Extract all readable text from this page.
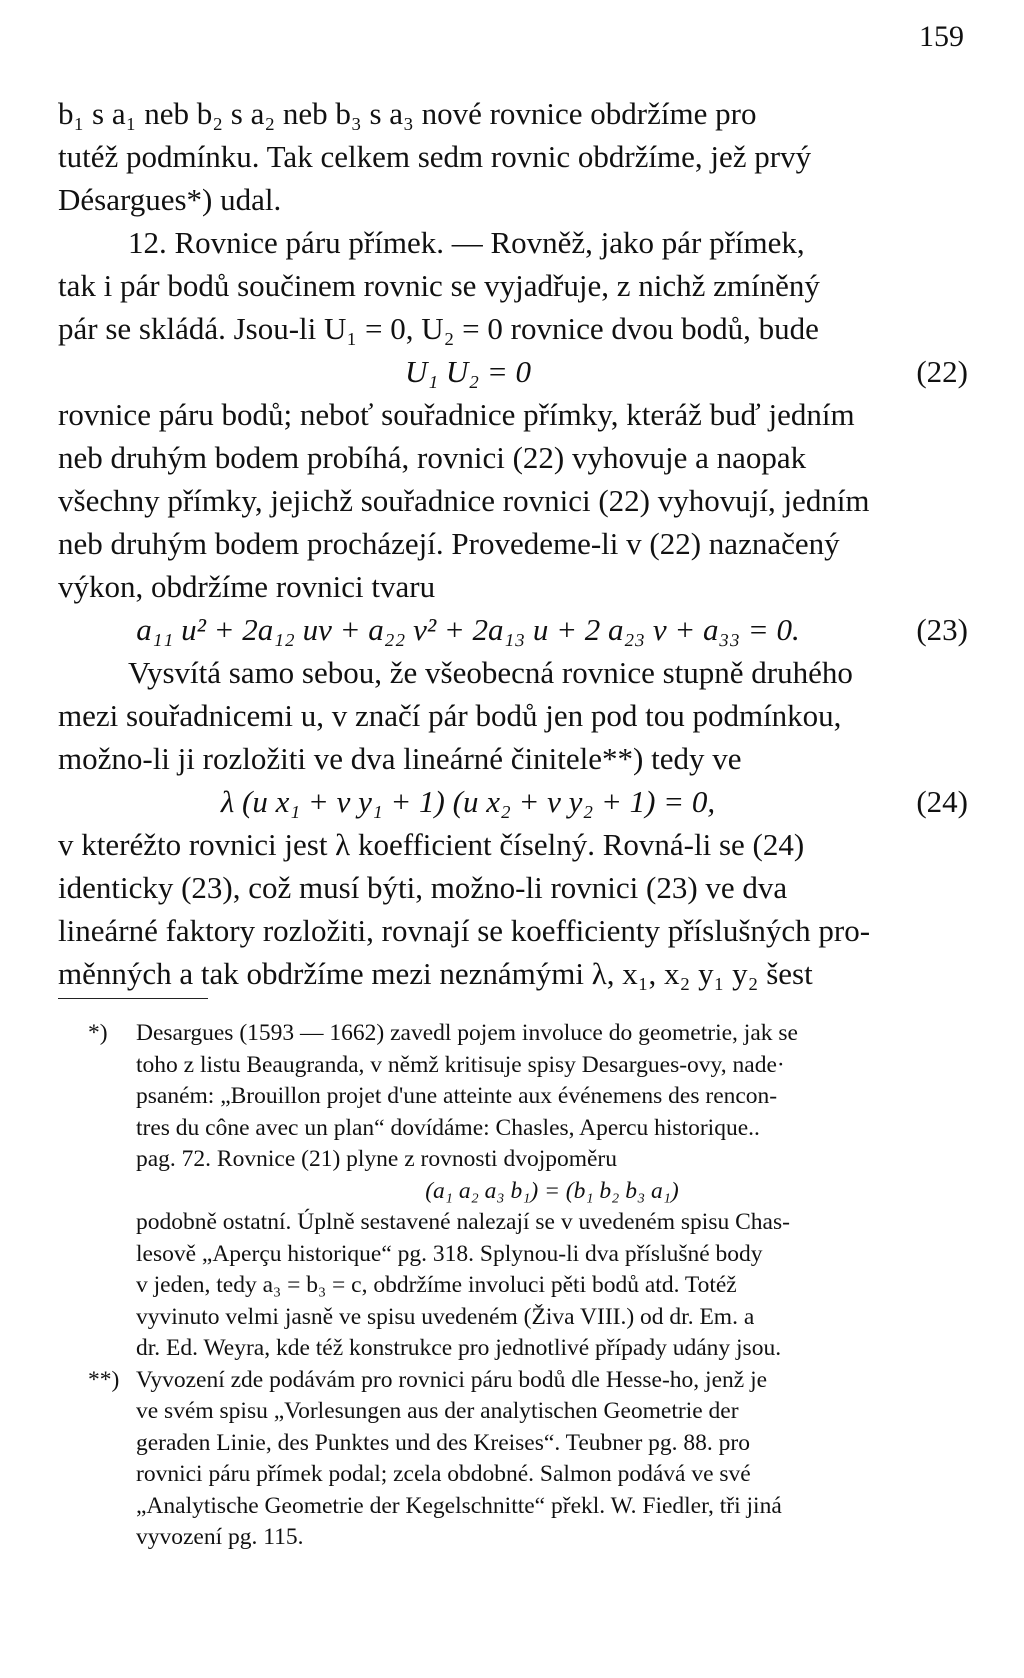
159
b₁ s a₁ neb b₂ s a₂ neb b₃ s a₃ nové rovnice obdržíme pro
tutéž podmínku. Tak celkem sedm rovnic obdržíme, jež prvý
Désargues*) udal.
12. Rovnice páru přímek. — Rovněž, jako pár přímek,
tak i pár bodů součinem rovnic se vyjadřuje, z nichž zmíněný
pár se skládá. Jsou-li U₁ = 0, U₂ = 0 rovnice dvou bodů, bude
U₁ U₂ = 0	(22)
rovnice páru bodů; neboť souřadnice přímky, kteráž buď jedním
neb druhým bodem probíhá, rovnici (22) vyhovuje a naopak
všechny přímky, jejichž souřadnice rovnici (22) vyhovují, jedním
neb druhým bodem procházejí. Provedeme-li v (22) naznačený
výkon, obdržíme rovnici tvaru
a₁₁ u² + 2a₁₂ uv + a₂₂ v² + 2a₁₃ u + 2 a₂₃ v + a₃₃ = 0.	(23)
Vysvítá samo sebou, že všeobecná rovnice stupně druhého
mezi souřadnicemi u, v značí pár bodů jen pod tou podmínkou,
možno-li ji rozložiti ve dva lineárné činitele**) tedy ve
λ (u x₁ + v y₁ + 1) (u x₂ + v y₂ + 1) = 0,	(24)
v kteréžto rovnici jest λ koefficient číselný. Rovná-li se (24)
identicky (23), což musí býti, možno-li rovnici (23) ve dva
lineárné faktory rozložiti, rovnají se koefficienty příslušných pro-
měnných a tak obdržíme mezi neznámými λ, x₁, x₂ y₁ y₂ šest
*) Desargues (1593 — 1662) zavedl pojem involuce do geometrie, jak se
toho z listu Beaugranda, v němž kritisuje spisy Desargues-ovy, nade·
psaném: „Brouillon projet d'une atteinte aux événemens des rencon-
tres du cône avec un plan“ dovídáme: Chasles, Apercu historique..
pag. 72. Rovnice (21) plyne z rovnosti dvojpoměru
(a₁ a₂ a₃ b₁) = (b₁ b₂ b₃ a₁)
podobně ostatní. Úplně sestavené nalezají se v uvedeném spisu Chas-
lesově „Aperçu historique“ pg. 318. Splynou-li dva příslušné body
v jeden, tedy a₃ = b₃ = c, obdržíme involuci pěti bodů atd. Totéž
vyvinuto velmi jasně ve spisu uvedeném (Živa VIII.) od dr. Em. a
dr. Ed. Weyra, kde též konstrukce pro jednotlivé případy udány jsou.
**) Vyvození zde podávám pro rovnici páru bodů dle Hesse-ho, jenž je
ve svém spisu „Vorlesungen aus der analytischen Geometrie der
geraden Linie, des Punktes und des Kreises“. Teubner pg. 88. pro
rovnici páru přímek podal; zcela obdobné. Salmon podává ve své
„Analytische Geometrie der Kegelschnitte“ překl. W. Fiedler, tři jiná
vyvození pg. 115.
